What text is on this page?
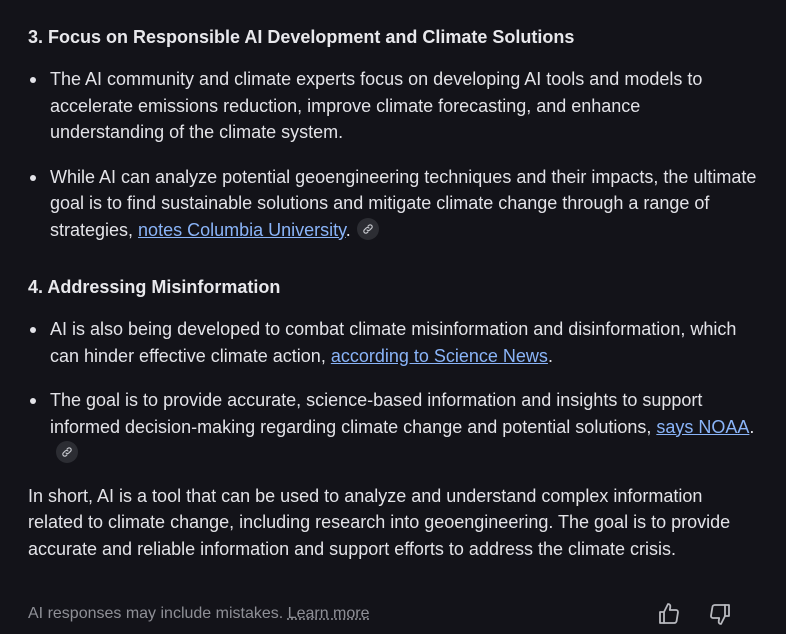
3. Focus on Responsible AI Development and Climate Solutions

The AI community and climate experts focus on developing AI tools and models to accelerate emissions reduction, improve climate forecasting, and enhance understanding of the climate system.
While AI can analyze potential geoengineering techniques and their impacts, the ultimate goal is to find sustainable solutions and mitigate climate change through a range of strategies, notes Columbia University.

4. Addressing Misinformation

AI is also being developed to combat climate misinformation and disinformation, which can hinder effective climate action, according to Science News.
The goal is to provide accurate, science-based information and insights to support informed decision-making regarding climate change and potential solutions, says NOAA.

In short, AI is a tool that can be used to analyze and understand complex information related to climate change, including research into geoengineering. The goal is to provide accurate and reliable information and support efforts to address the climate crisis.

AI responses may include mistakes. Learn more
